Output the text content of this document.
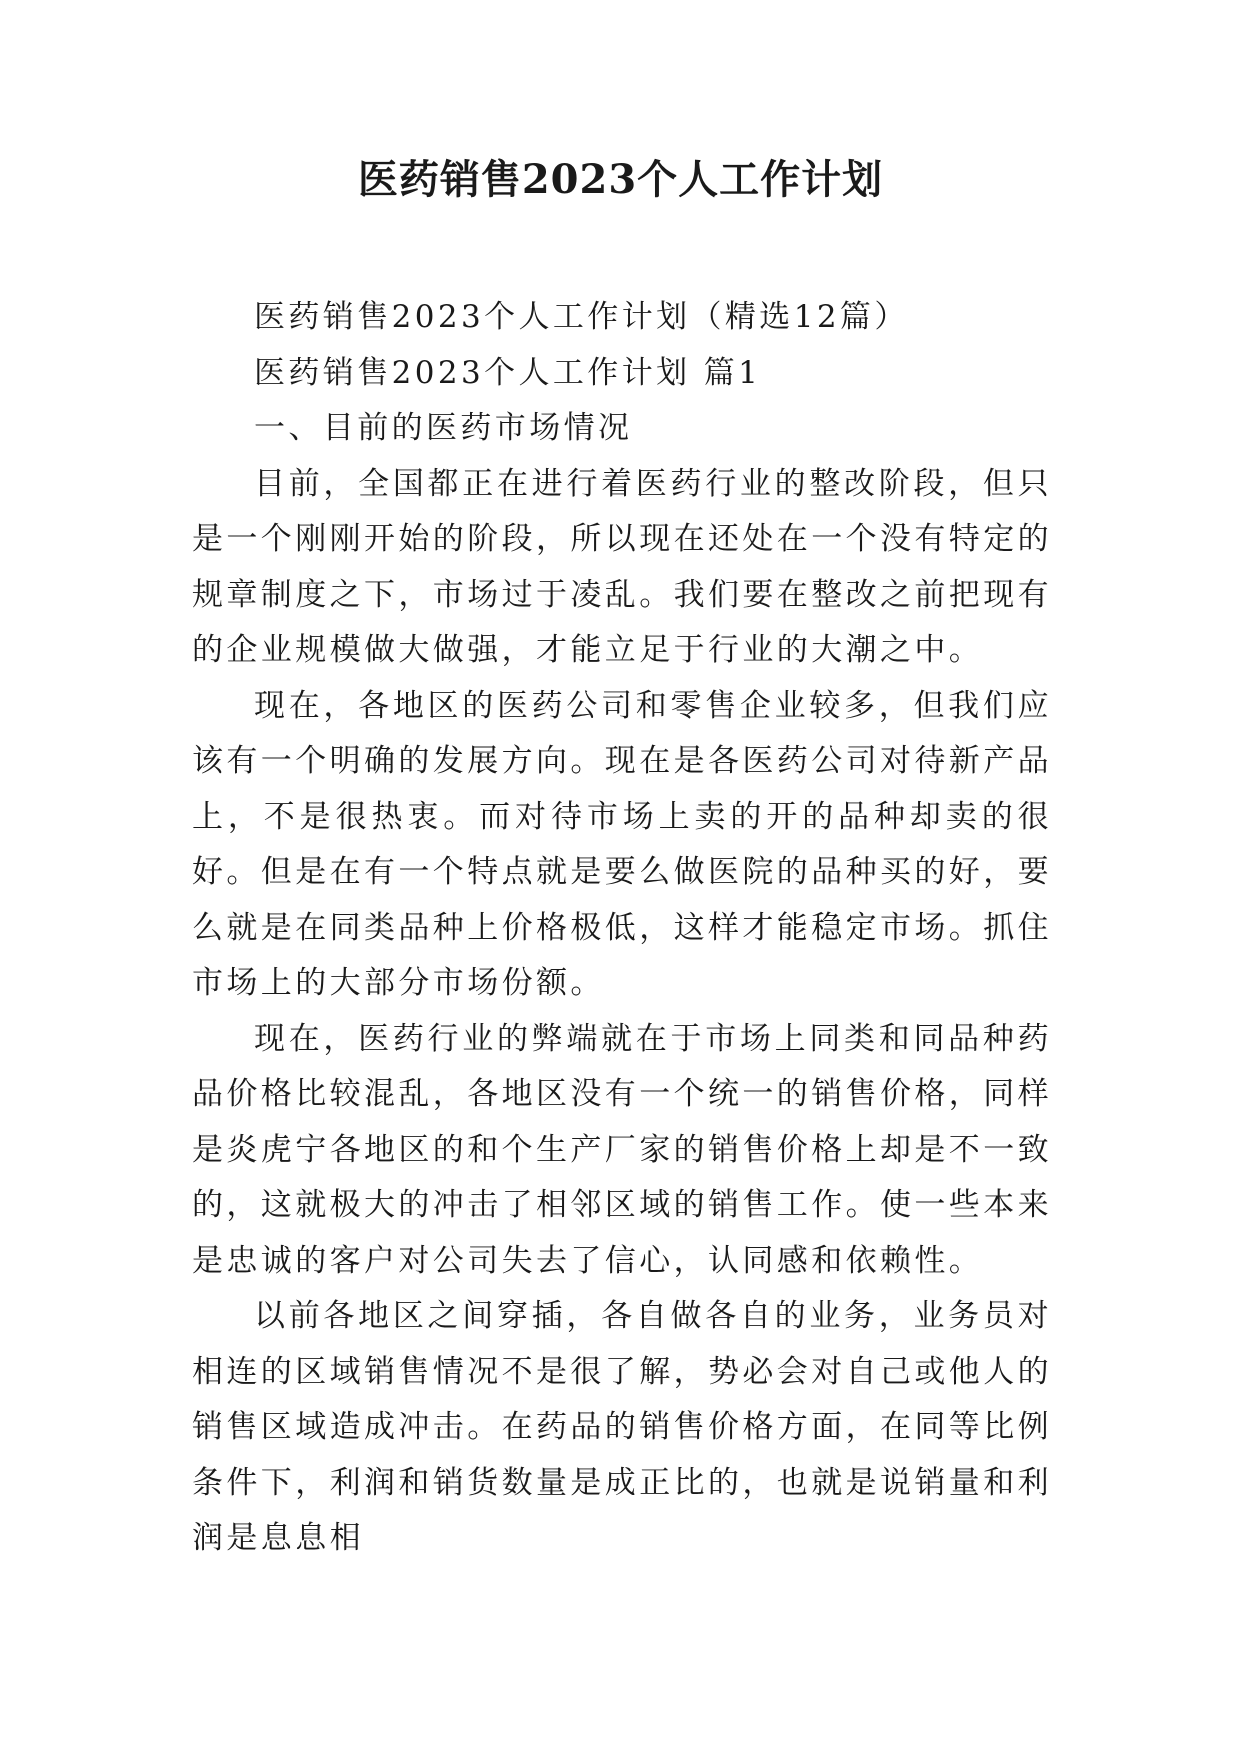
医药销售2023个人工作计划

医药销售2023个人工作计划（精选12篇）

医药销售2023个人工作计划 篇1

一、目前的医药市场情况

目前，全国都正在进行着医药行业的整改阶段，但只是一个刚刚开始的阶段，所以现在还处在一个没有特定的规章制度之下，市场过于凌乱。我们要在整改之前把现有的企业规模做大做强，才能立足于行业的大潮之中。

现在，各地区的医药公司和零售企业较多，但我们应该有一个明确的发展方向。现在是各医药公司对待新产品上，不是很热衷。而对待市场上卖的开的品种却卖的很好。但是在有一个特点就是要么做医院的品种买的好，要么就是在同类品种上价格极低，这样才能稳定市场。抓住市场上的大部分市场份额。

现在，医药行业的弊端就在于市场上同类和同品种药品价格比较混乱，各地区没有一个统一的销售价格，同样是炎虎宁各地区的和个生产厂家的销售价格上却是不一致的，这就极大的冲击了相邻区域的销售工作。使一些本来是忠诚的客户对公司失去了信心，认同感和依赖性。

以前各地区之间穿插，各自做各自的业务，业务员对相连的区域销售情况不是很了解，势必会对自己或他人的销售区域造成冲击。在药品的销售价格方面，在同等比例条件下，利润和销货数量是成正比的，也就是说销量和利润是息息相
